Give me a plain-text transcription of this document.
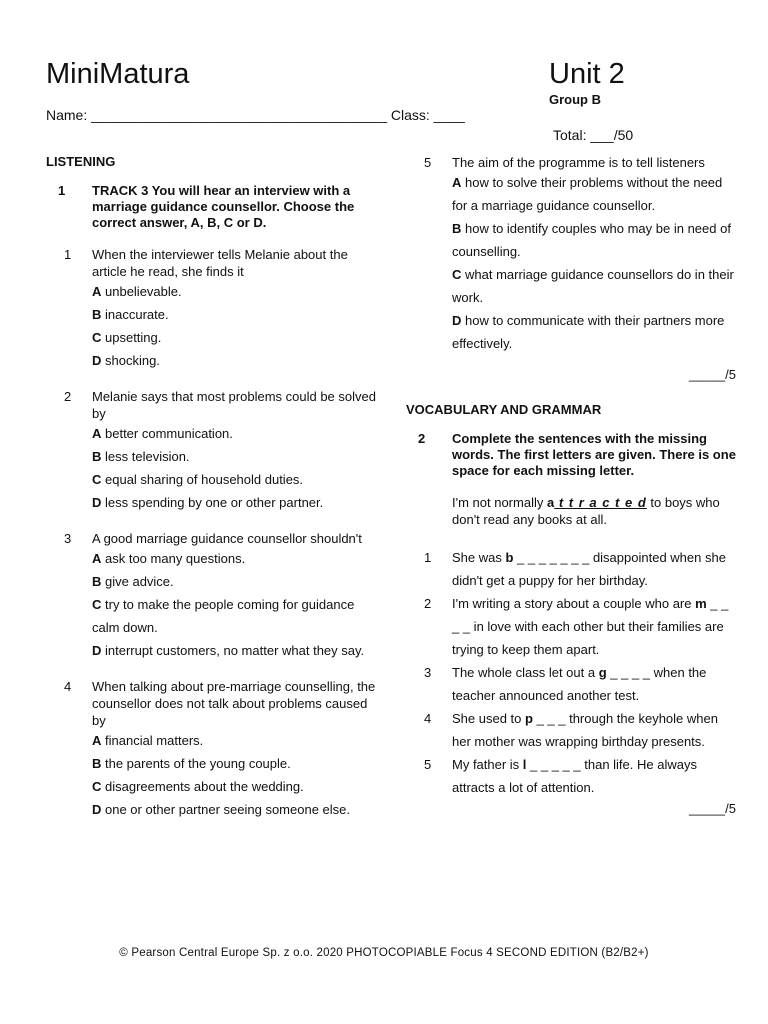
MiniMatura	Unit 2
Group B
Name: ______________________________________ Class: ____
Total: ___/50
LISTENING
1	TRACK 3 You will hear an interview with a marriage guidance counsellor. Choose the correct answer, A, B, C or D.
1	When the interviewer tells Melanie about the article he read, she finds it
A unbelievable.
B inaccurate.
C upsetting.
D shocking.
2	Melanie says that most problems could be solved by
A better communication.
B less television.
C equal sharing of household duties.
D less spending by one or other partner.
3	A good marriage guidance counsellor shouldn't
A ask too many questions.
B give advice.
C try to make the people coming for guidance calm down.
D interrupt customers, no matter what they say.
4	When talking about pre-marriage counselling, the counsellor does not talk about problems caused by
A financial matters.
B the parents of the young couple.
C disagreements about the wedding.
D one or other partner seeing someone else.
5	The aim of the programme is to tell listeners
A how to solve their problems without the need for a marriage guidance counsellor.
B how to identify couples who may be in need of counselling.
C what marriage guidance counsellors do in their work.
D how to communicate with their partners more effectively.
_____/5
VOCABULARY AND GRAMMAR
2	Complete the sentences with the missing words. The first letters are given. There is one space for each missing letter.
I'm not normally a t t r a c t e d to boys who don't read any books at all.
1	She was b _ _ _ _ _ _ _ disappointed when she didn't get a puppy for her birthday.
2	I'm writing a story about a couple who are m _ _ _ _ in love with each other but their families are trying to keep them apart.
3	The whole class let out a g _ _ _ _ when the teacher announced another test.
4	She used to p _ _ _ through the keyhole when her mother was wrapping birthday presents.
5	My father is l _ _ _ _ _ than life. He always attracts a lot of attention.
_____/5
© Pearson Central Europe Sp. z o.o. 2020 PHOTOCOPIABLE Focus 4 SECOND EDITION (B2/B2+)
